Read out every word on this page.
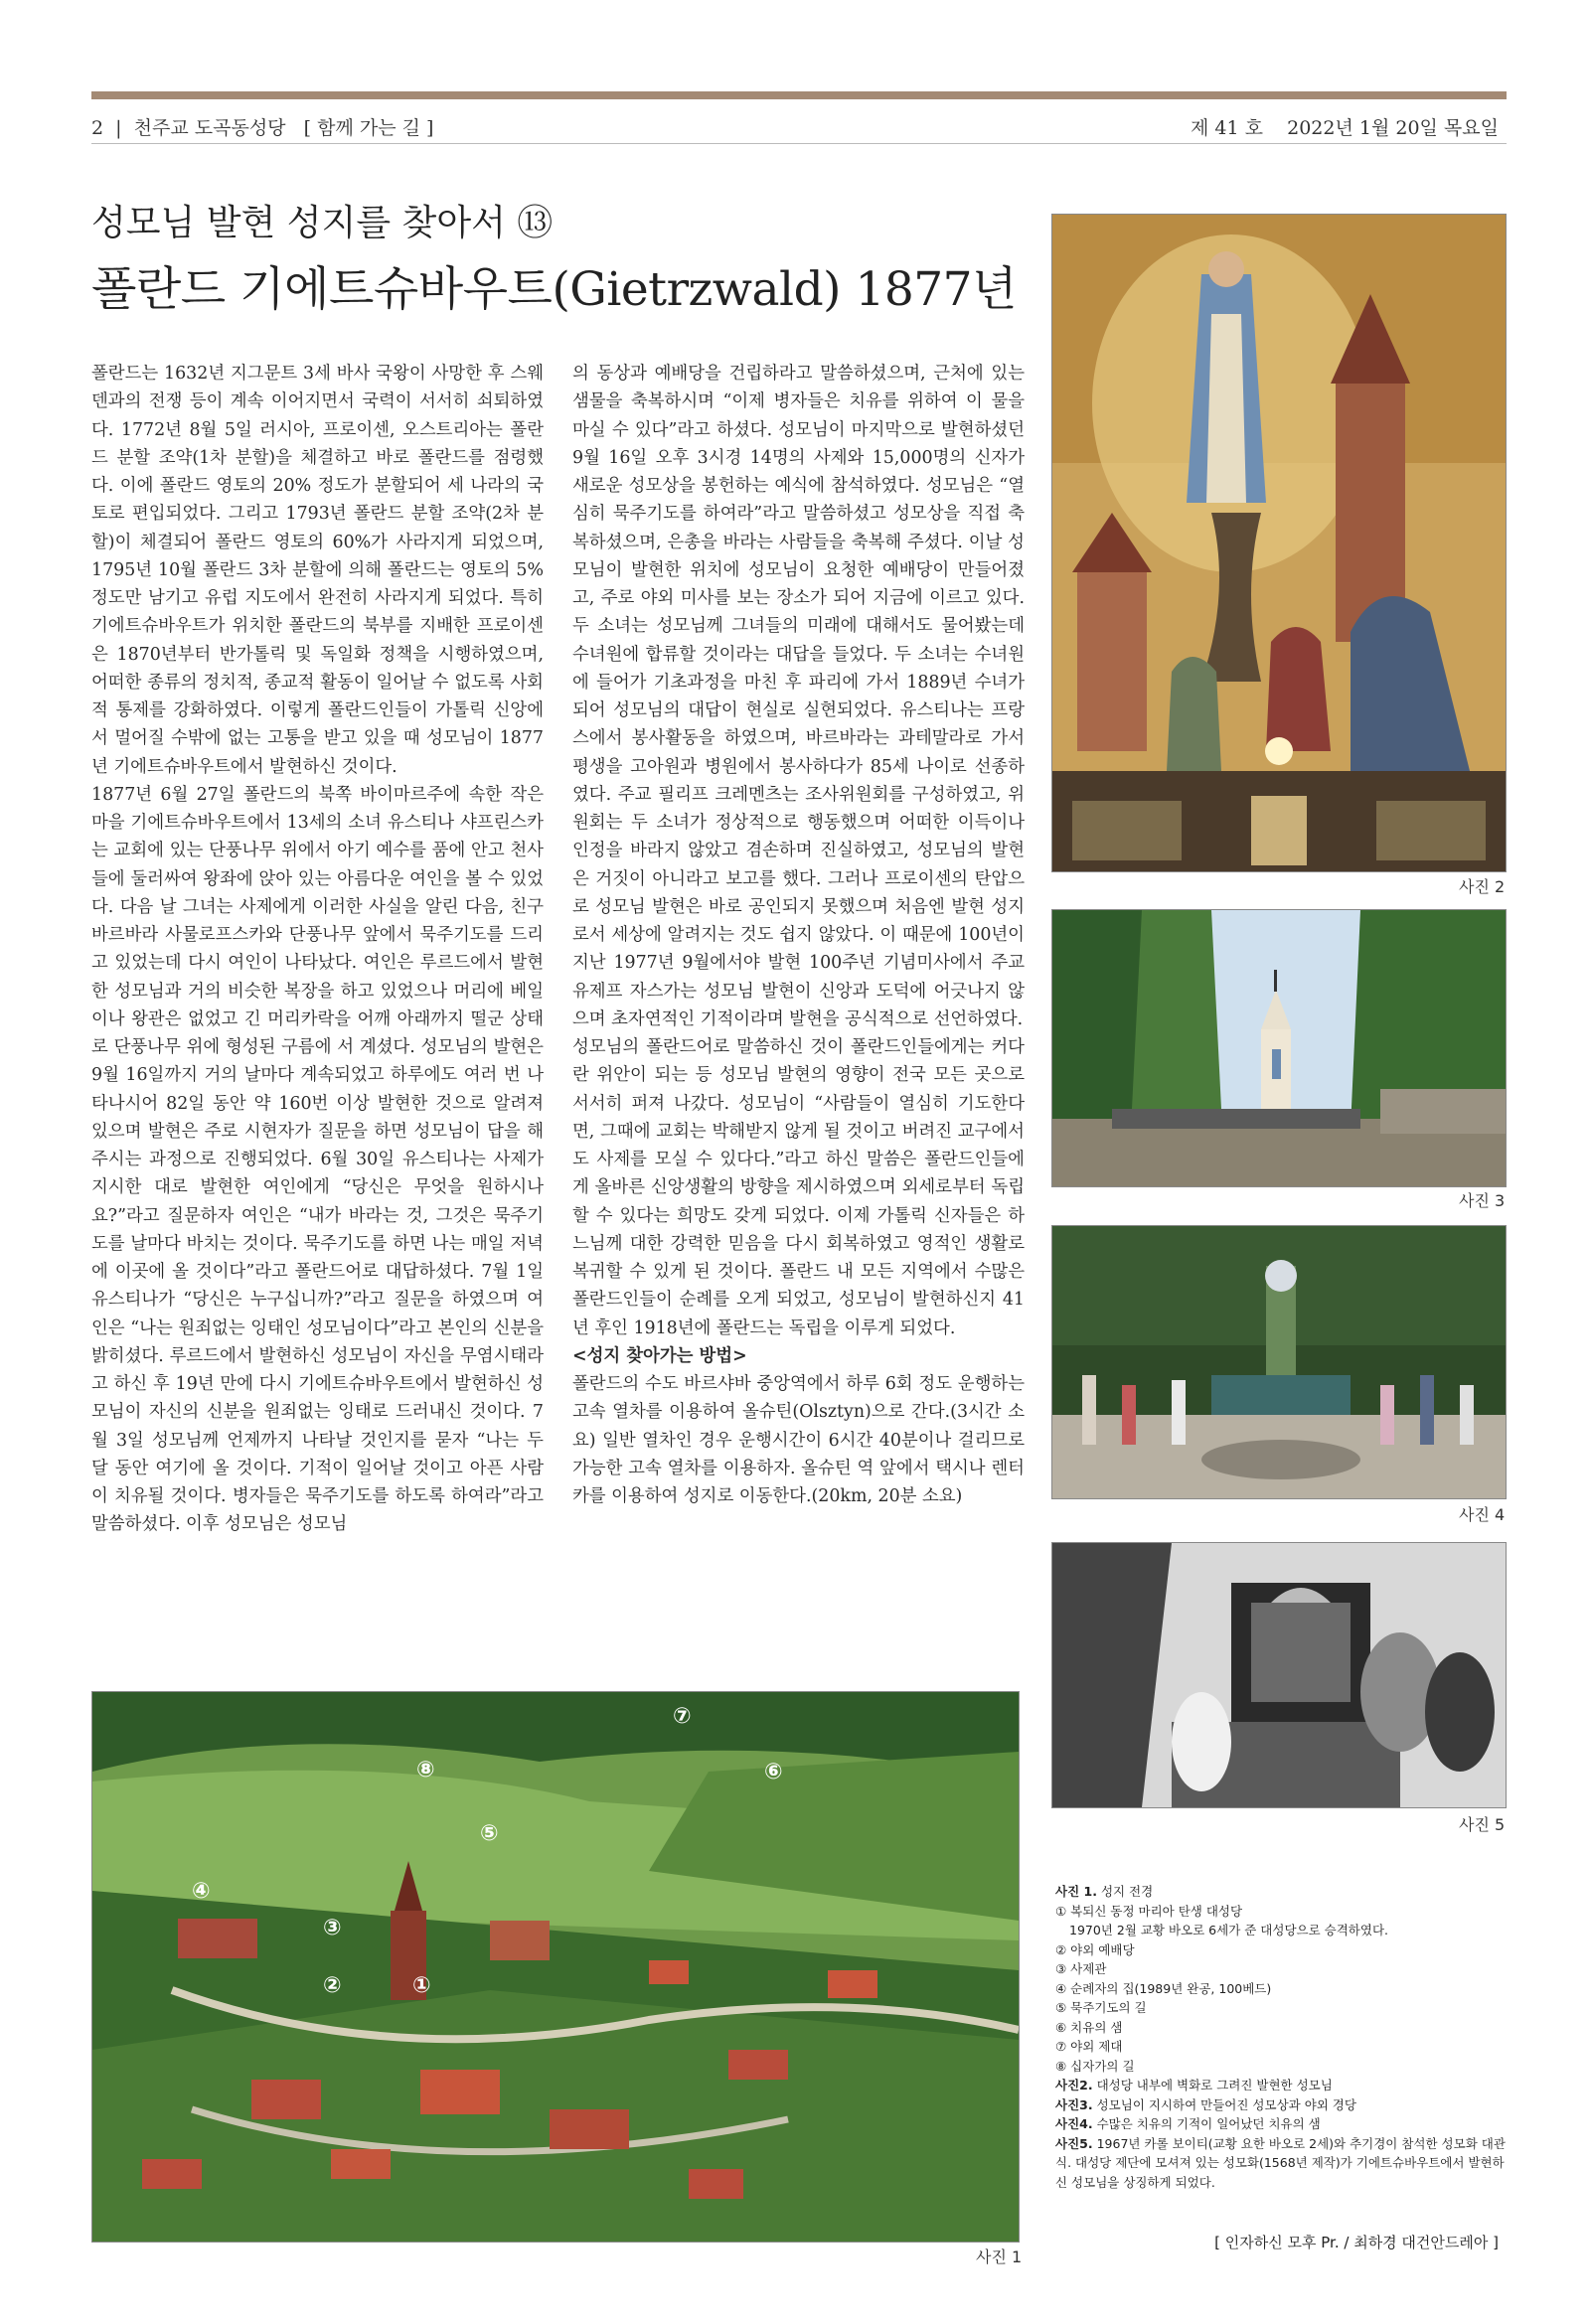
2  |  천주교 도곡동성당 [ 함께 가는 길 ]	제 41 호 2022년 1월 20일 목요일
성모님 발현 성지를 찾아서 ⑬
폴란드 기에트슈바우트(Gietrzwald) 1877년

폴란드는 1632년 지그문트 3세 바사 국왕이 사망한 후 스웨덴과의 전쟁 등이 계속 이어지면서 국력이 서서히 쇠퇴하였다. 1772년 8월 5일 러시아, 프로이센, 오스트리아는 폴란드 분할 조약(1차 분할)을 체결하고 바로 폴란드를 점령했다. 이에 폴란드 영토의 20% 정도가 분할되어 세 나라의 국토로 편입되었다. 그리고 1793년 폴란드 분할 조약(2차 분할)이 체결되어 폴란드 영토의 60%가 사라지게 되었으며, 1795년 10월 폴란드 3차 분할에 의해 폴란드는 영토의 5% 정도만 남기고 유럽 지도에서 완전히 사라지게 되었다. 특히 기에트슈바우트가 위치한 폴란드의 북부를 지배한 프로이센은 1870년부터 반가톨릭 및 독일화 정책을 시행하였으며, 어떠한 종류의 정치적, 종교적 활동이 일어날 수 없도록 사회적 통제를 강화하였다. 이렇게 폴란드인들이 가톨릭 신앙에서 멀어질 수밖에 없는 고통을 받고 있을 때 성모님이 1877년 기에트슈바우트에서 발현하신 것이다.

1877년 6월 27일 폴란드의 북쪽 바이마르주에 속한 작은 마을 기에트슈바우트에서 13세의 소녀 유스티나 샤프린스카는 교회에 있는 단풍나무 위에서 아기 예수를 품에 안고 천사들에 둘러싸여 왕좌에 앉아 있는 아름다운 여인을 볼 수 있었다. 다음 날 그녀는 사제에게 이러한 사실을 알린 다음, 친구 바르바라 사물로프스카와 단풍나무 앞에서 묵주기도를 드리고 있었는데 다시 여인이 나타났다. 여인은 루르드에서 발현한 성모님과 거의 비슷한 복장을 하고 있었으나 머리에 베일이나 왕관은 없었고 긴 머리카락을 어깨 아래까지 떨군 상태로 단풍나무 위에 형성된 구름에 서 계셨다. 성모님의 발현은 9월 16일까지 거의 날마다 계속되었고 하루에도 여러 번 나타나시어 82일 동안 약 160번 이상 발현한 것으로 알려져 있으며 발현은 주로 시현자가 질문을 하면 성모님이 답을 해주시는 과정으로 진행되었다. 6월 30일 유스티나는 사제가 지시한 대로 발현한 여인에게 “당신은 무엇을 원하시나요?”라고 질문하자 여인은 “내가 바라는 것, 그것은 묵주기도를 날마다 바치는 것이다. 묵주기도를 하면 나는 매일 저녁에 이곳에 올 것이다”라고 폴란드어로 대답하셨다. 7월 1일 유스티나가 “당신은 누구십니까?”라고 질문을 하였으며 여인은 “나는 원죄없는 잉태인 성모님이다”라고 본인의 신분을 밝히셨다. 루르드에서 발현하신 성모님이 자신을 무염시태라고 하신 후 19년 만에 다시 기에트슈바우트에서 발현하신 성모님이 자신의 신분을 원죄없는 잉태로 드러내신 것이다. 7월 3일 성모님께 언제까지 나타날 것인지를 묻자 “나는 두 달 동안 여기에 올 것이다. 기적이 일어날 것이고 아픈 사람이 치유될 것이다. 병자들은 묵주기도를 하도록 하여라”라고 말씀하셨다. 이후 성모님은 성모님

의 동상과 예배당을 건립하라고 말씀하셨으며, 근처에 있는 샘물을 축복하시며 “이제 병자들은 치유를 위하여 이 물을 마실 수 있다”라고 하셨다. 성모님이 마지막으로 발현하셨던 9월 16일 오후 3시경 14명의 사제와 15,000명의 신자가 새로운 성모상을 봉헌하는 예식에 참석하였다. 성모님은 “열심히 묵주기도를 하여라”라고 말씀하셨고 성모상을 직접 축복하셨으며, 은총을 바라는 사람들을 축복해 주셨다. 이날 성모님이 발현한 위치에 성모님이 요청한 예배당이 만들어졌고, 주로 야외 미사를 보는 장소가 되어 지금에 이르고 있다. 두 소녀는 성모님께 그녀들의 미래에 대해서도 물어봤는데 수녀원에 합류할 것이라는 대답을 들었다. 두 소녀는 수녀원에 들어가 기초과정을 마친 후 파리에 가서 1889년 수녀가 되어 성모님의 대답이 현실로 실현되었다. 유스티나는 프랑스에서 봉사활동을 하였으며, 바르바라는 과테말라로 가서 평생을 고아원과 병원에서 봉사하다가 85세 나이로 선종하였다. 주교 필리프 크레멘츠는 조사위원회를 구성하였고, 위원회는 두 소녀가 정상적으로 행동했으며 어떠한 이득이나 인정을 바라지 않았고 겸손하며 진실하였고, 성모님의 발현은 거짓이 아니라고 보고를 했다. 그러나 프로이센의 탄압으로 성모님 발현은 바로 공인되지 못했으며 처음엔 발현 성지로서 세상에 알려지는 것도 쉽지 않았다. 이 때문에 100년이 지난 1977년 9월에서야 발현 100주년 기념미사에서 주교 유제프 자스가는 성모님 발현이 신앙과 도덕에 어긋나지 않으며 초자연적인 기적이라며 발현을 공식적으로 선언하였다.

성모님의 폴란드어로 말씀하신 것이 폴란드인들에게는 커다란 위안이 되는 등 성모님 발현의 영향이 전국 모든 곳으로 서서히 퍼져 나갔다. 성모님이 “사람들이 열심히 기도한다면, 그때에 교회는 박해받지 않게 될 것이고 버려진 교구에서도 사제를 모실 수 있다다.”라고 하신 말씀은 폴란드인들에게 올바른 신앙생활의 방향을 제시하였으며 외세로부터 독립할 수 있다는 희망도 갖게 되었다. 이제 가톨릭 신자들은 하느님께 대한 강력한 믿음을 다시 회복하였고 영적인 생활로 복귀할 수 있게 된 것이다. 폴란드 내 모든 지역에서 수많은 폴란드인들이 순례를 오게 되었고, 성모님이 발현하신지 41년 후인 1918년에 폴란드는 독립을 이루게 되었다.

<성지 찾아가는 방법>

폴란드의 수도 바르샤바 중앙역에서 하루 6회 정도 운행하는 고속 열차를 이용하여 올슈틴(Olsztyn)으로 간다.(3시간 소요) 일반 열차인 경우 운행시간이 6시간 40분이나 걸리므로 가능한 고속 열차를 이용하자. 올슈틴 역 앞에서 택시나 렌터카를 이용하여 성지로 이동한다.(20km, 20분 소요)

사진 2
사진 3
사진 4
사진 5
①
②
③
④
⑤
⑥
⑦
⑧
사진 1

사진 1. 성지 전경

① 복되신 동정 마리아 탄생 대성당

1970년 2월 교황 바오로 6세가 준 대성당으로 승격하였다.

② 야외 예배당

③ 사제관

④ 순례자의 집(1989년 완공, 100베드)

⑤ 묵주기도의 길

⑥ 치유의 샘

⑦ 야외 제대

⑧ 십자가의 길

사진2. 대성당 내부에 벽화로 그려진 발현한 성모님

사진3. 성모님이 지시하여 만들어진 성모상과 야외 경당

사진4. 수많은 치유의 기적이 일어났던 치유의 샘

사진5. 1967년 카롤 보이티(교황 요한 바오로 2세)와 추기경이 참석한 성모화 대관식. 대성당 제단에 모셔져 있는 성모화(1568년 제작)가 기에트슈바우트에서 발현하신 성모님을 상징하게 되었다.

[ 인자하신 모후 Pr. / 최하경 대건안드레아 ]
